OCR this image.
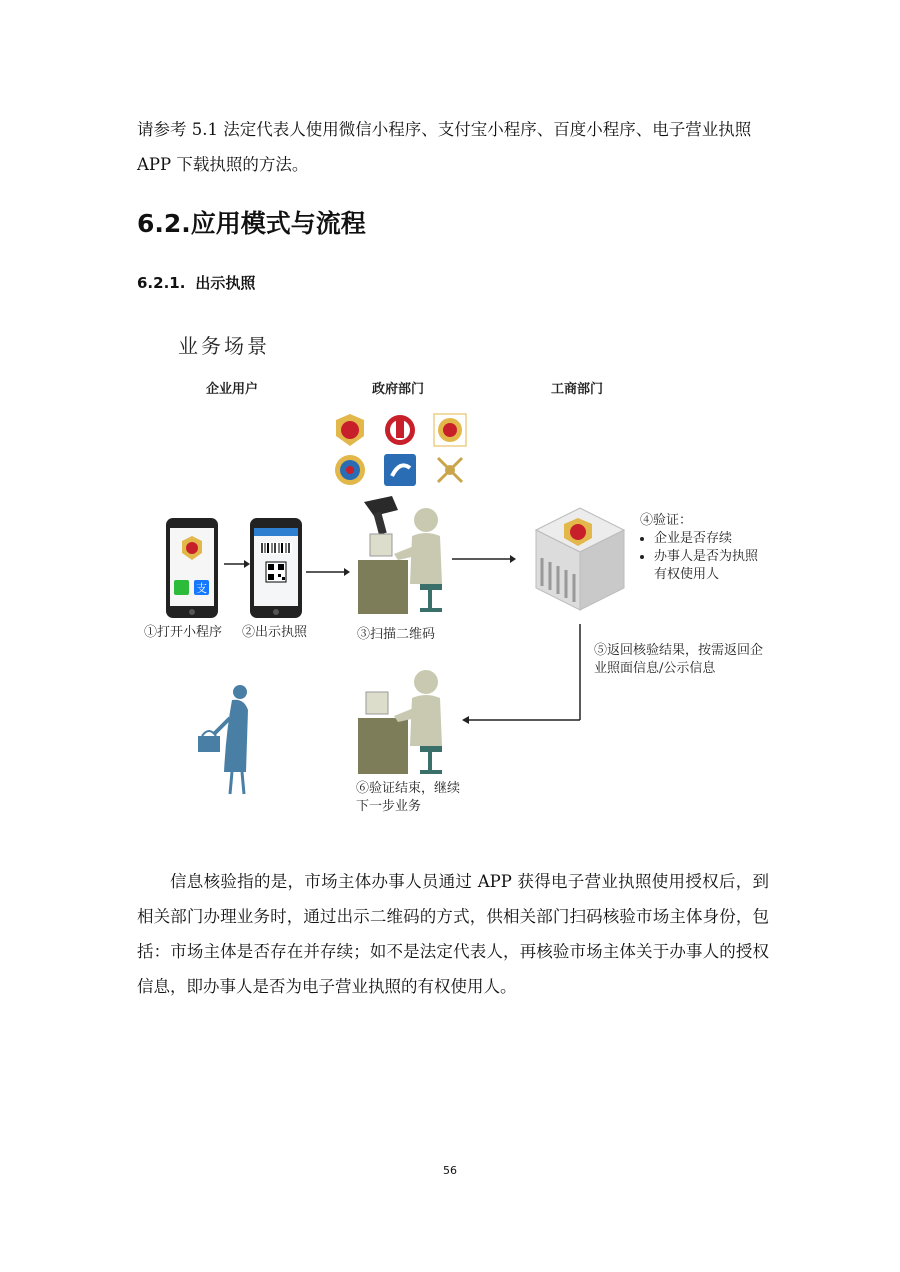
请参考 5.1 法定代表人使用微信小程序、支付宝小程序、百度小程序、电子营业执照 APP 下载执照的方法。

6.2.应用模式与流程
6.2.1. 出示执照
业务场景
企业用户	政府部门	工商部门
支
①打开小程序 ②出示执照	③扫描二维码
④验证：
• 企业是否存续
• 办事人是否为执照有权使用人
⑤返回核验结果，按需返回企业照面信息/公示信息
⑥验证结束，继续下一步业务

信息核验指的是，市场主体办事人员通过 APP 获得电子营业执照使用授权后，到相关部门办理业务时，通过出示二维码的方式，供相关部门扫码核验市场主体身份，包括：市场主体是否存在并存续；如不是法定代表人，再核验市场主体关于办事人的授权信息，即办事人是否为电子营业执照的有权使用人。

56
